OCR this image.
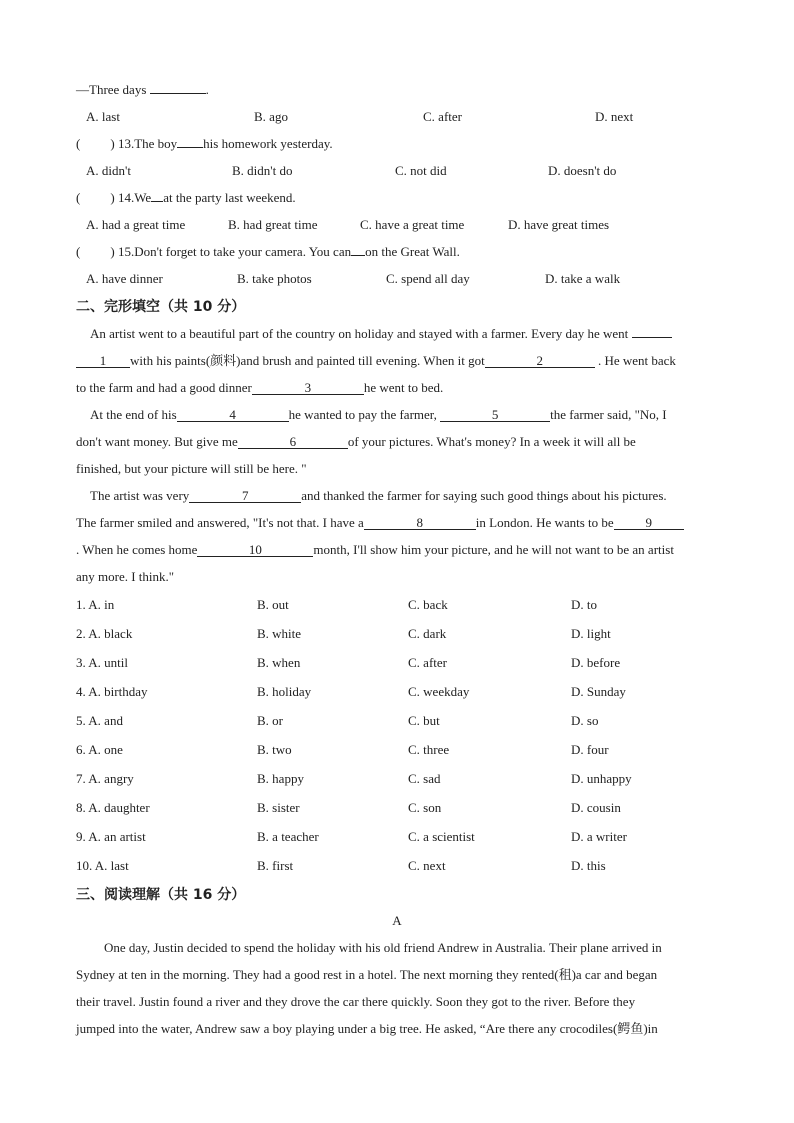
—Three days	.
A. last	B. ago	C. after	D. next
( ) 13.The boy his homework yesterday.
A. didn't	B. didn't do	C. not did	D. doesn't do
( ) 14.We at the party last weekend.
A. had a great time	B. had great time	C. have a great time	D. have great times
( ) 15.Don't forget to take your camera. You can on the Great Wall.
A. have dinner	B. take photos	C. spend all day	D. take a walk
二、完形填空（共 10 分）
An artist went to a beautiful part of the country on holiday and stayed with a farmer. Every day he went
1 with his paints(颜料)and brush and painted till evening. When it got	2	. He went back
to the farm and had a good dinner	3	he went to bed.
At the end of his	4	he wanted to pay the farmer,	5	the farmer said, "No, I
don't want money. But give me	6	of your pictures. What's money? In a week it will all be
finished, but your picture will still be here. "
The artist was very	7	and thanked the farmer for saying such good things about his pictures.
The farmer smiled and answered, "It's not that. I have a	8	in London. He wants to be 9
. When he comes home	10	month, I'll show him your picture, and he will not want to be an artist
any more. I think."
1. A. in	B. out	C. back	D. to
2. A. black	B. white	C. dark	D. light
3. A. until	B. when	C. after	D. before
4. A. birthday	B. holiday	C. weekday	D. Sunday
5. A. and	B. or	C. but	D. so
6. A. one	B. two	C. three	D. four
7. A. angry	B. happy	C. sad	D. unhappy
8. A. daughter	B. sister	C. son	D. cousin
9. A. an artist	B. a teacher	C. a scientist	D. a writer
10. A. last	B. first	C. next	D. this
三、阅读理解（共 16 分）
A
One day, Justin decided to spend the holiday with his old friend Andrew in Australia. Their plane arrived in
Sydney at ten in the morning. They had a good rest in a hotel. The next morning they rented(租)a car and began
their travel. Justin found a river and they drove the car there quickly. Soon they got to the river. Before they
jumped into the water, Andrew saw a boy playing under a big tree. He asked, “Are there any crocodiles(鳄鱼)in
